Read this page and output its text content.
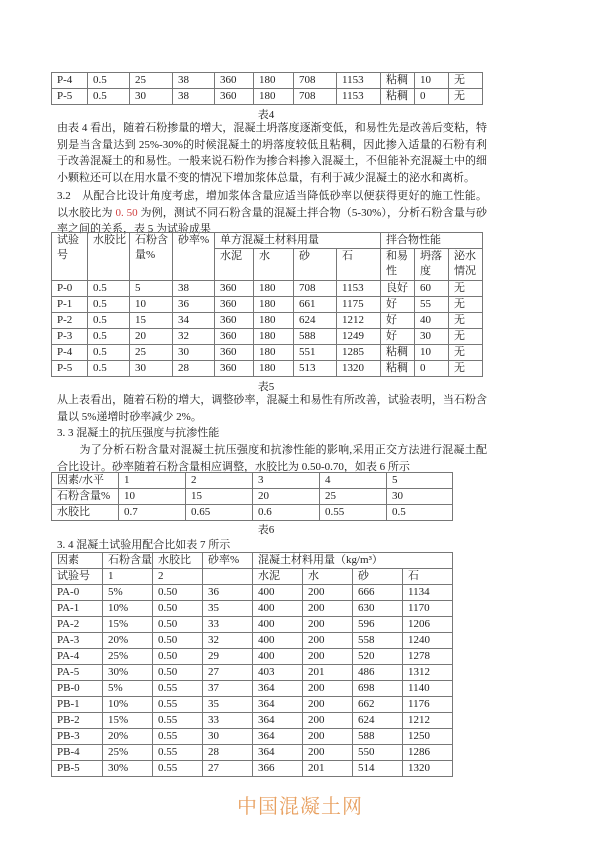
P-4	0.5	25	38	360	180	708	1153	粘稠	10	无
P-5	0.5	30	38	360	180	708	1153	粘稠	0	无
表4
由表 4 看出，随着石粉掺量的增大，混凝土坍落度逐渐变低，和易性先是改善后变粘，特别是当含量达到 25%-30%的时候混凝土的坍落度较低且粘稠，因此掺入适量的石粉有利于改善混凝土的和易性。一般来说石粉作为掺合料掺入混凝土，不但能补充混凝土中的细小颗粒还可以在用水量不变的情况下增加浆体总量，有利于减少混凝土的泌水和离析。
3.2　从配合比设计角度考虑，增加浆体含量应适当降低砂率以便获得更好的施工性能。以水胶比为 0. 50 为例，测试不同石粉含量的混凝土拌合物（5-30%），分析石粉含量与砂率之间的关系，表 5 为试验成果
试验号	水胶比	石粉含量%	砂率%	单方混凝土材料用量				拌合物性能		
				水泥	水	砂	石	和易性	坍落度	泌水情况
P-0	0.5	5	38	360	180	708	1153	良好	60	无
P-1	0.5	10	36	360	180	661	1175	好	55	无
P-2	0.5	15	34	360	180	624	1212	好	40	无
P-3	0.5	20	32	360	180	588	1249	好	30	无
P-4	0.5	25	30	360	180	551	1285	粘稠	10	无
P-5	0.5	30	28	360	180	513	1320	粘稠	0	无
表5
从上表看出，随着石粉的增大，调整砂率，混凝土和易性有所改善，试验表明，当石粉含量以 5%递增时砂率减少 2%。
3. 3 混凝土的抗压强度与抗渗性能
　　为了分析石粉含量对混凝土抗压强度和抗渗性能的影响,采用正交方法进行混凝土配合比设计。砂率随着石粉含量相应调整，水胶比为 0.50-0.70，如表 6 所示
因素/水平	1	2	3	4	5
石粉含量%	10	15	20	25	30
水胶比	0.7	0.65	0.6	0.55	0.5
表6
3. 4 混凝土试验用配合比如表 7 所示
因素	石粉含量	水胶比	砂率%	混凝土材料用量（kg/m³）			
试验号	1	2		水泥	水	砂	石
PA-0	5%	0.50	36	400	200	666	1134
PA-1	10%	0.50	35	400	200	630	1170
PA-2	15%	0.50	33	400	200	596	1206
PA-3	20%	0.50	32	400	200	558	1240
PA-4	25%	0.50	29	400	200	520	1278
PA-5	30%	0.50	27	403	201	486	1312
PB-0	5%	0.55	37	364	200	698	1140
PB-1	10%	0.55	35	364	200	662	1176
PB-2	15%	0.55	33	364	200	624	1212
PB-3	20%	0.55	30	364	200	588	1250
PB-4	25%	0.55	28	364	200	550	1286
PB-5	30%	0.55	27	366	201	514	1320
中国混凝土网
